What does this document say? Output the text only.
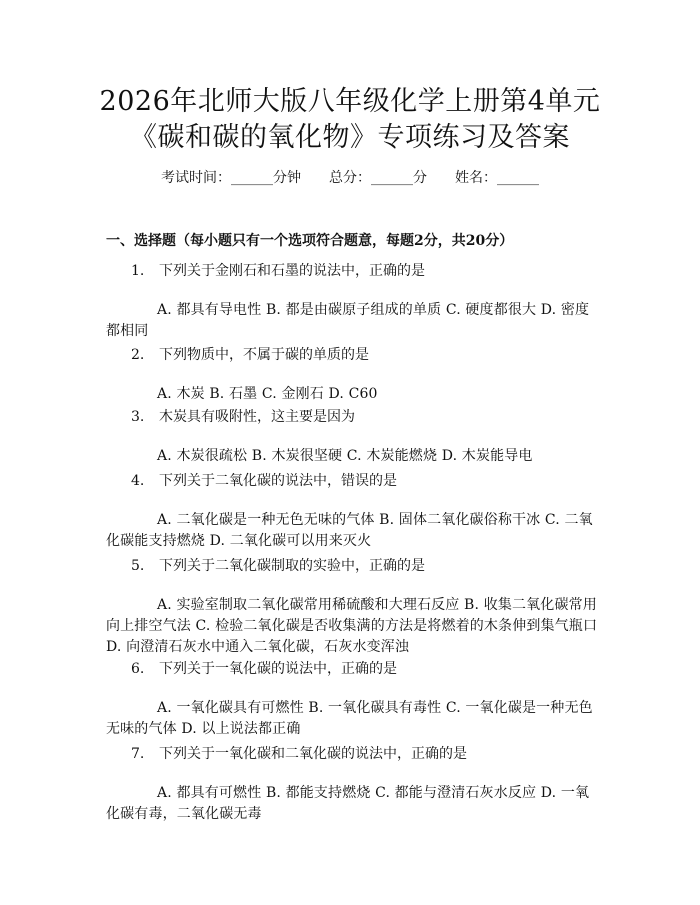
2026年北师大版八年级化学上册第4单元
《碳和碳的氧化物》专项练习及答案
考试时间：______分钟 总分：______分 姓名：______
一、选择题（每小题只有一个选项符合题意，每题2分，共20分）
1. 下列关于金刚石和石墨的说法中，正确的是
A. 都具有导电性 B. 都是由碳原子组成的单质 C. 硬度都很大 D. 密度都相同
2. 下列物质中，不属于碳的单质的是
A. 木炭 B. 石墨 C. 金刚石 D. C60
3. 木炭具有吸附性，这主要是因为
A. 木炭很疏松 B. 木炭很坚硬 C. 木炭能燃烧 D. 木炭能导电
4. 下列关于二氧化碳的说法中，错误的是
A. 二氧化碳是一种无色无味的气体 B. 固体二氧化碳俗称干冰 C. 二氧化碳能支持燃烧 D. 二氧化碳可以用来灭火
5. 下列关于二氧化碳制取的实验中，正确的是
A. 实验室制取二氧化碳常用稀硫酸和大理石反应 B. 收集二氧化碳常用向上排空气法 C. 检验二氧化碳是否收集满的方法是将燃着的木条伸到集气瓶口 D. 向澄清石灰水中通入二氧化碳，石灰水变浑浊
6. 下列关于一氧化碳的说法中，正确的是
A. 一氧化碳具有可燃性 B. 一氧化碳具有毒性 C. 一氧化碳是一种无色无味的气体 D. 以上说法都正确
7. 下列关于一氧化碳和二氧化碳的说法中，正确的是
A. 都具有可燃性 B. 都能支持燃烧 C. 都能与澄清石灰水反应 D. 一氧化碳有毒，二氧化碳无毒
